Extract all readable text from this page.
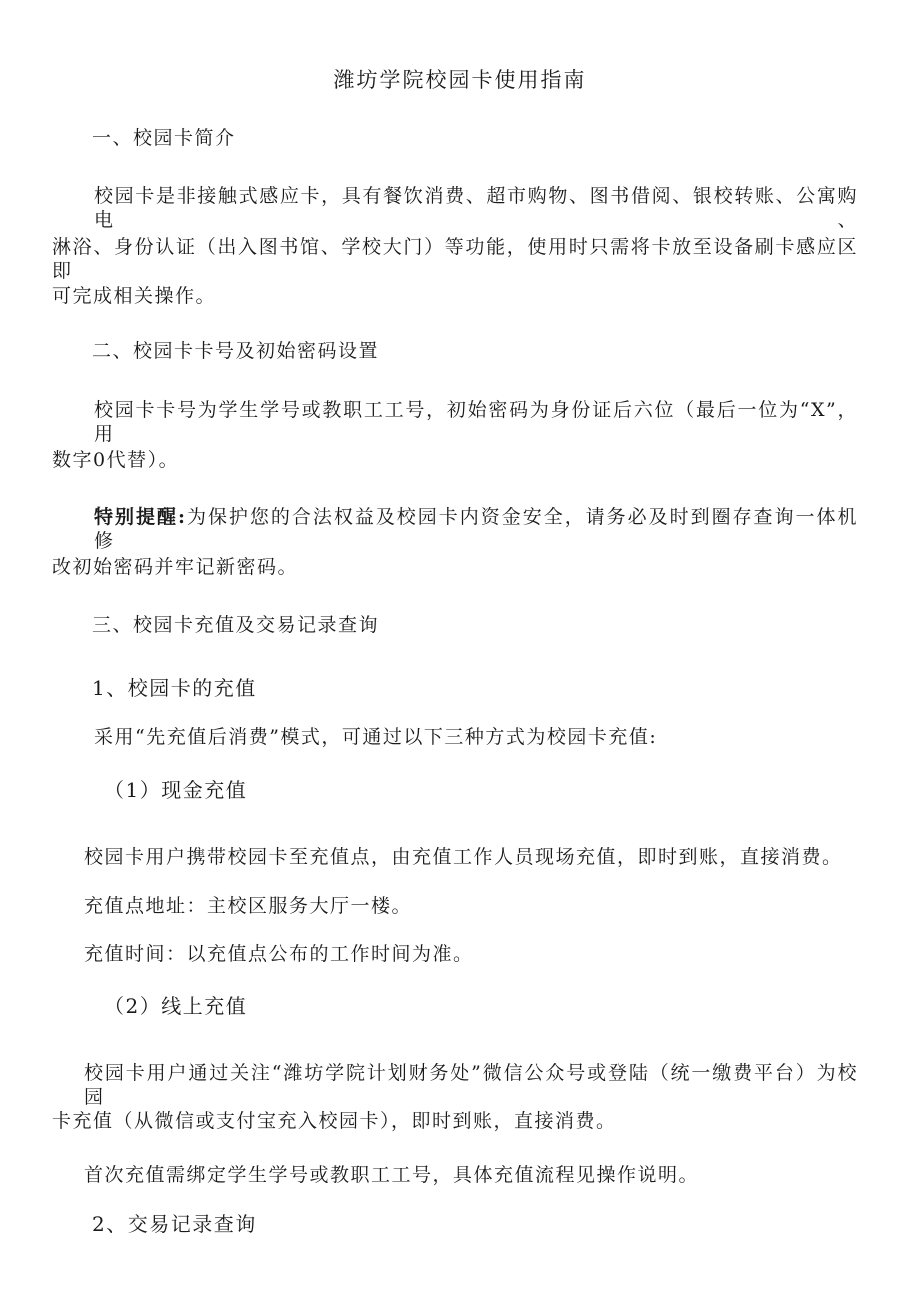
潍坊学院校园卡使用指南
一、校园卡简介
校园卡是非接触式感应卡，具有餐饮消费、超市购物、图书借阅、银校转账、公寓购电、
淋浴、身份认证（出入图书馆、学校大门）等功能，使用时只需将卡放至设备刷卡感应区即
可完成相关操作。
二、校园卡卡号及初始密码设置
校园卡卡号为学生学号或教职工工号，初始密码为身份证后六位（最后一位为“X”，用
数字0代替）。
特别提醒:为保护您的合法权益及校园卡内资金安全，请务必及时到圈存查询一体机修
改初始密码并牢记新密码。
三、校园卡充值及交易记录查询
1、校园卡的充值
采用“先充值后消费”模式，可通过以下三种方式为校园卡充值:
（1）现金充值
校园卡用户携带校园卡至充值点，由充值工作人员现场充值，即时到账，直接消费。
充值点地址：主校区服务大厅一楼。
充值时间：以充值点公布的工作时间为准。
（2）线上充值
校园卡用户通过关注“潍坊学院计划财务处”微信公众号或登陆（统一缴费平台）为校园
卡充值（从微信或支付宝充入校园卡），即时到账，直接消费。
首次充值需绑定学生学号或教职工工号，具体充值流程见操作说明。
2、交易记录查询
